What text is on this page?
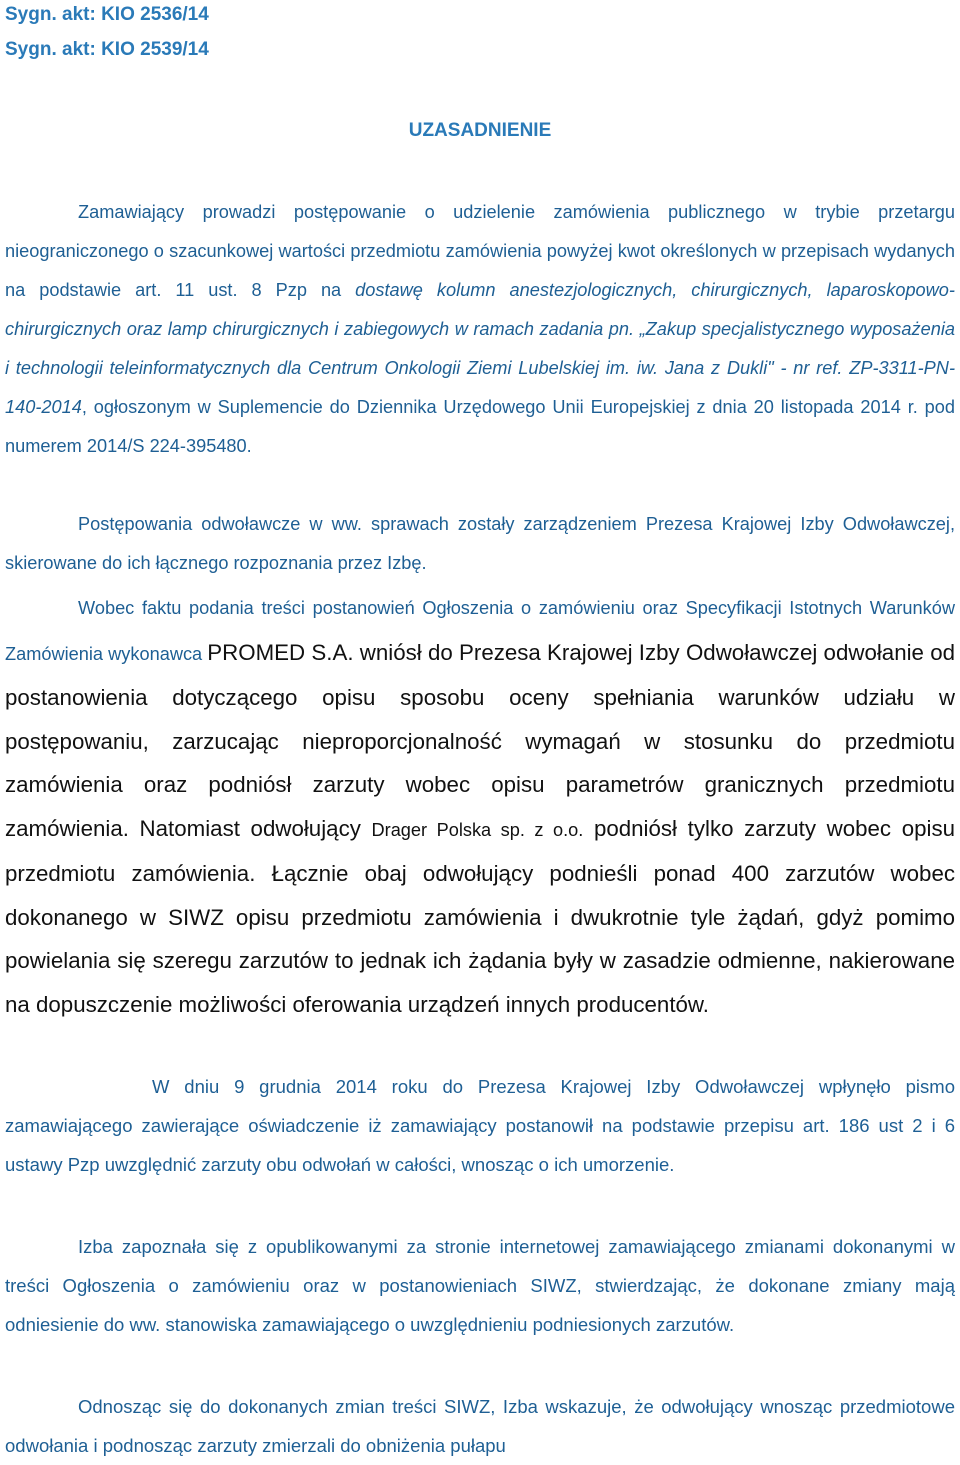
Sygn. akt: KIO 2536/14

Sygn. akt: KIO 2539/14

UZASADNIENIE

Zamawiający prowadzi postępowanie o udzielenie zamówienia publicznego w trybie przetargu nieograniczonego o szacunkowej wartości przedmiotu zamówienia powyżej kwot określonych w przepisach wydanych na podstawie art. 11 ust. 8 Pzp na dostawę kolumn anestezjologicznych, chirurgicznych, laparoskopowo-chirurgicznych oraz lamp chirurgicznych i zabiegowych w ramach zadania pn. „Zakup specjalistycznego wyposażenia i technologii teleinformatycznych dla Centrum Onkologii Ziemi Lubelskiej im. iw. Jana z Dukli" - nr ref. ZP-3311-PN-140-2014, ogłoszonym w Suplemencie do Dziennika Urzędowego Unii Europejskiej z dnia 20 listopada 2014 r. pod numerem 2014/S 224-395480.

Postępowania odwoławcze w ww. sprawach zostały zarządzeniem Prezesa Krajowej Izby Odwoławczej, skierowane do ich łącznego rozpoznania przez Izbę.

Wobec faktu podania treści postanowień Ogłoszenia o zamówieniu oraz Specyfikacji Istotnych Warunków Zamówienia wykonawca PROMED S.A. wniósł do Prezesa Krajowej Izby Odwoławczej odwołanie od postanowienia dotyczącego opisu sposobu oceny spełniania warunków udziału w postępowaniu, zarzucając nieproporcjonalność wymagań w stosunku do przedmiotu zamówienia oraz podniósł zarzuty wobec opisu parametrów granicznych przedmiotu zamówienia. Natomiast odwołujący Drager Polska sp. z o.o. podniósł tylko zarzuty wobec opisu przedmiotu zamówienia. Łącznie obaj odwołujący podnieśli ponad 400 zarzutów wobec dokonanego w SIWZ opisu przedmiotu zamówienia i dwukrotnie tyle żądań, gdyż pomimo powielania się szeregu zarzutów to jednak ich żądania były w zasadzie odmienne, nakierowane na dopuszczenie możliwości oferowania urządzeń innych producentów.

W dniu 9 grudnia 2014 roku do Prezesa Krajowej Izby Odwoławczej wpłynęło pismo zamawiającego zawierające oświadczenie iż zamawiający postanowił na podstawie przepisu art. 186 ust 2 i 6 ustawy Pzp uwzględnić zarzuty obu odwołań w całości, wnosząc o ich umorzenie.

Izba zapoznała się z opublikowanymi za stronie internetowej zamawiającego zmianami dokonanymi w treści Ogłoszenia o zamówieniu oraz w postanowieniach SIWZ, stwierdzając, że dokonane zmiany mają odniesienie do ww. stanowiska zamawiającego o uwzględnieniu podniesionych zarzutów.

Odnosząc się do dokonanych zmian treści SIWZ, Izba wskazuje, że odwołujący wnosząc przedmiotowe odwołania i podnosząc zarzuty zmierzali do obniżenia pułapu
